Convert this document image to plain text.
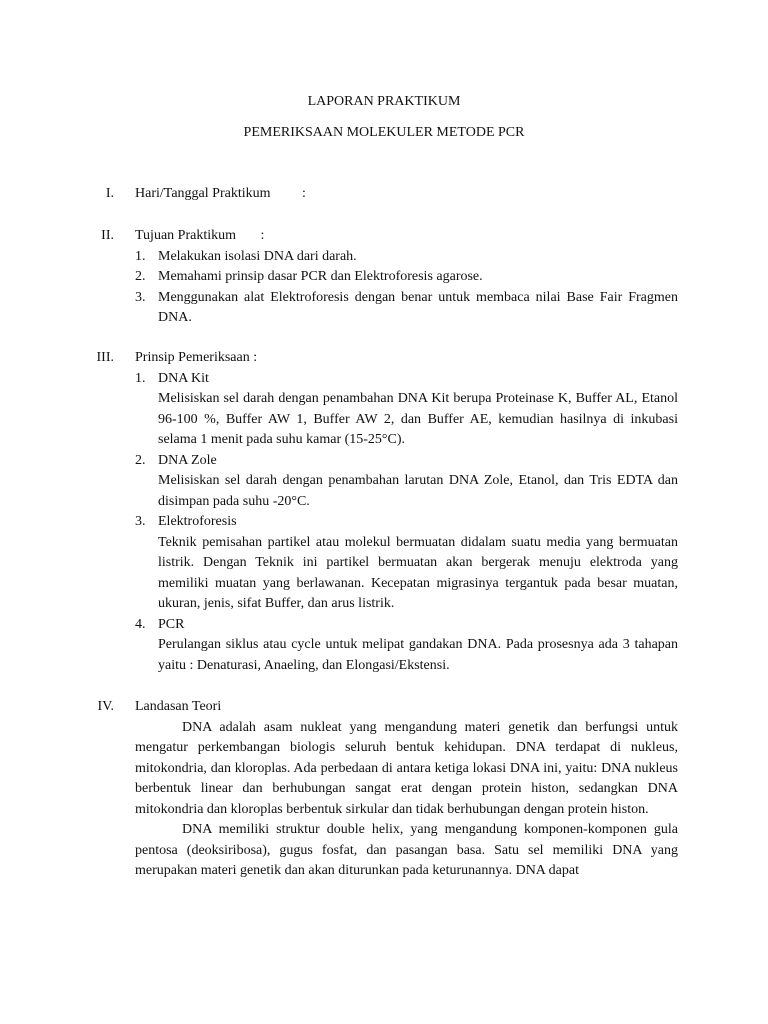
LAPORAN PRAKTIKUM
PEMERIKSAAN MOLEKULER METODE PCR
I. Hari/Tanggal Praktikum         :
II. Tujuan Praktikum       :
1. Melakukan isolasi DNA dari darah.
2. Memahami prinsip dasar PCR dan Elektroforesis agarose.
3. Menggunakan alat Elektroforesis dengan benar untuk membaca nilai Base Fair Fragmen DNA.
III. Prinsip Pemeriksaan :
1. DNA Kit
Melisiskan sel darah dengan penambahan DNA Kit berupa Proteinase K, Buffer AL, Etanol 96-100 %, Buffer AW 1, Buffer AW 2, dan Buffer AE, kemudian hasilnya di inkubasi selama 1 menit pada suhu kamar (15-25°C).
2. DNA Zole
Melisiskan sel darah dengan penambahan larutan DNA Zole, Etanol, dan Tris EDTA dan disimpan pada suhu -20°C.
3. Elektroforesis
Teknik pemisahan partikel atau molekul bermuatan didalam suatu media yang bermuatan listrik. Dengan Teknik ini partikel bermuatan akan bergerak menuju elektroda yang memiliki muatan yang berlawanan. Kecepatan migrasinya tergantuk pada besar muatan, ukuran, jenis, sifat Buffer, dan arus listrik.
4. PCR
Perulangan siklus atau cycle untuk melipat gandakan DNA. Pada prosesnya ada 3 tahapan yaitu : Denaturasi, Anaeling, dan Elongasi/Ekstensi.
IV. Landasan Teori

DNA adalah asam nukleat yang mengandung materi genetik dan berfungsi untuk mengatur perkembangan biologis seluruh bentuk kehidupan. DNA terdapat di nukleus, mitokondria, dan kloroplas. Ada perbedaan di antara ketiga lokasi DNA ini, yaitu: DNA nukleus berbentuk linear dan berhubungan sangat erat dengan protein histon, sedangkan DNA mitokondria dan kloroplas berbentuk sirkular dan tidak berhubungan dengan protein histon.

DNA memiliki struktur double helix, yang mengandung komponen-komponen gula pentosa (deoksiribosa), gugus fosfat, dan pasangan basa. Satu sel memiliki DNA yang merupakan materi genetik dan akan diturunkan pada keturunannya. DNA dapat
